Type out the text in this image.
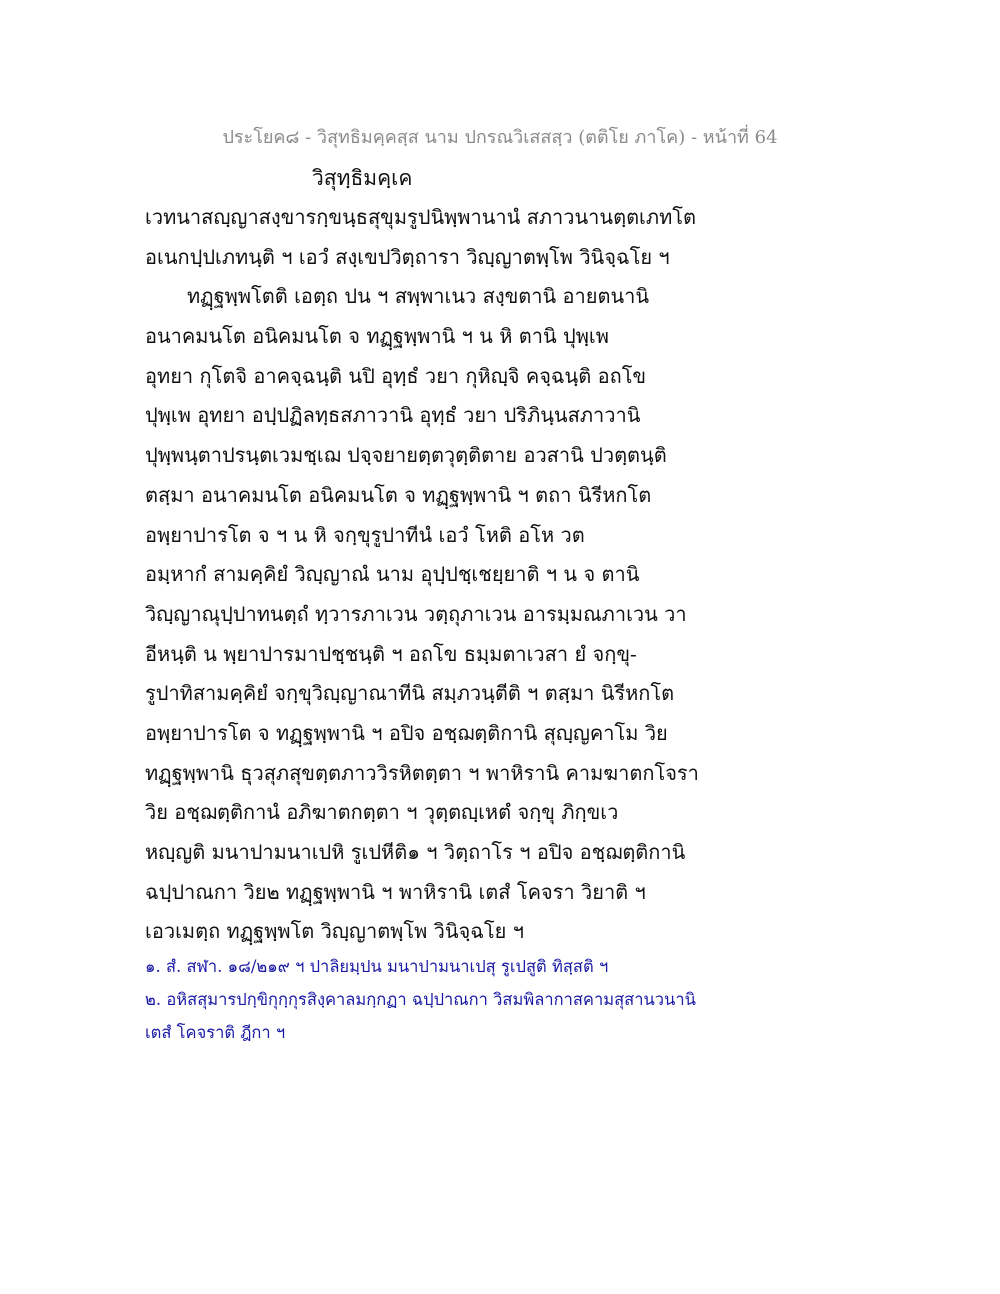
ประโยค๘ - วิสุทธิมคฺคสฺส นาม ปกรณวิเสสสฺว (ตติโย ภาโค) - หน้าที่ 64
วิสุทฺธิมคฺเค
เวทนาสญฺญาสงฺขารกฺขนฺธสุขุมรูปนิพฺพานานํ สภาวนานตฺตเภทโต
อเนกปฺปเภทนฺติ ฯ เอวํ สงฺเขปวิตฺถารา วิญฺญาตพฺโพ วินิจฺฉโย ฯ
ทฏฺฐพฺพโตติ เอตฺถ ปน ฯ สพฺพาเนว สงฺขตานิ อายตนานิ
อนาคมนโต อนิคมนโต จ ทฏฺฐพฺพานิ ฯ น หิ ตานิ ปุพฺเพ
อุทยา กุโตจิ อาคจฺฉนฺติ นปิ อุทฺธํ วยา กุหิญฺจิ คจฺฉนฺติ อถโข
ปุพฺเพ อุทยา อปฺปฏิลทฺธสภาวานิ อุทฺธํ วยา ปริภินฺนสภาวานิ
ปุพฺพนฺตาปรนฺตเวมชฺเฌ ปจฺจยายตฺตวุตฺติตาย อวสานิ ปวตฺตนฺติ
ตสฺมา อนาคมนโต อนิคมนโต จ ทฏฺฐพฺพานิ ฯ ตถา นิรีหกโต
อพฺยาปารโต จ ฯ น หิ จกฺขุรูปาทีนํ เอวํ โหติ อโห วต
อมฺหากํ สามคฺคิยํ วิญฺญาณํ นาม อุปฺปชฺเชยฺยาติ ฯ น จ ตานิ
วิญฺญาณุปฺปาทนตฺถํ ทฺวารภาเวน วตฺถุภาเวน อารมฺมณภาเวน วา
อีหนฺติ น พฺยาปารมาปชฺชนฺติ ฯ อถโข ธมฺมตาเวสา ยํ จกฺขุ-
รูปาทิสามคฺคิยํ จกฺขุวิญฺญาณาทีนิ สมฺภวนฺตีติ ฯ ตสฺมา นิรีหกโต
อพฺยาปารโต จ ทฏฺฐพฺพานิ ฯ อปิจ อชฺฌตฺติกานิ สุญฺญคาโม วิย
ทฏฺฐพฺพานิ ธุวสุภสุขตฺตภาววิรหิตตฺตา ฯ พาหิรานิ คามฆาตกโจรา
วิย อชฺฌตฺติกานํ อภิฆาตกตฺตา ฯ วุตฺตญฺเหตํ จกฺขุ ภิกฺขเว
หญฺญติ มนาปามนาเปหิ รูเปหีติ๑ ฯ วิตฺถาโร ฯ อปิจ อชฺฌตฺติกานิ
ฉปฺปาณกา วิย๒ ทฏฺฐพฺพานิ ฯ พาหิรานิ เตสํ โคจรา วิยาติ ฯ
เอวเมตฺถ ทฏฺฐพฺพโต วิญฺญาตพฺโพ วินิจฺฉโย ฯ
๑. สํ. สฬา. ๑๘/๒๑๙ ฯ ปาลิยมฺปน มนาปามนาเปสุ รูเปสูติ ทิสฺสติ ฯ
๒. อหิสสุมารปกฺขิกุกฺกุรสิงฺคาลมกฺกฏา ฉปฺปาณกา วิสมพิลากาสคามสุสานวนานิ
เตสํ โคจราติ ฎีกา ฯ
